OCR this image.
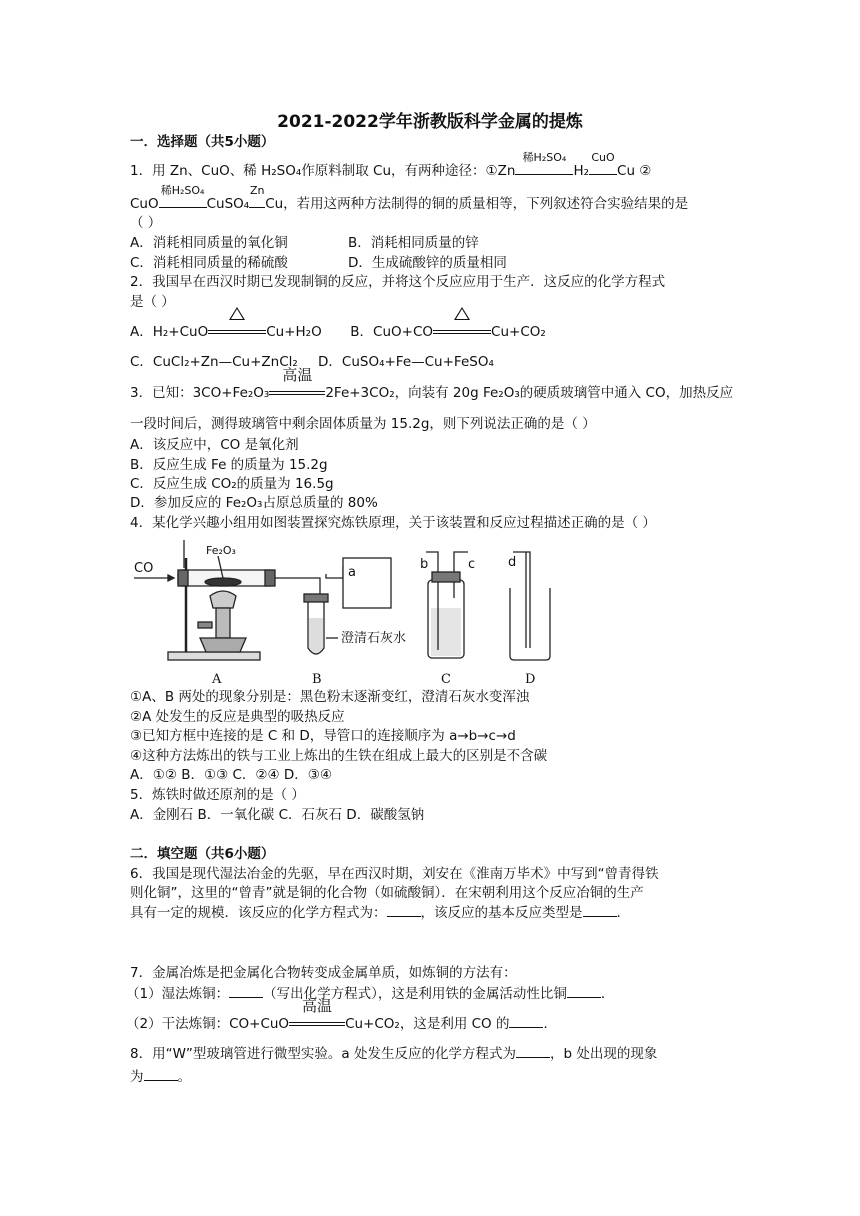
2021-2022学年浙教版科学金属的提炼
一．选择题（共5小题）
1．用 Zn、CuO、稀 H₂SO₄作原料制取 Cu，有两种途径：①Zn
稀H₂SO₄
H₂
CuO
Cu ②
CuO
稀H₂SO₄
CuSO₄
Zn
Cu，若用这两种方法制得的铜的质量相等，下列叙述符合实验结果的是
（ ）
A．消耗相同质量的氧化铜	B．消耗相同质量的锌
C．消耗相同质量的稀硫酸	D．生成硫酸锌的质量相同
2．我国早在西汉时期已发现制铜的反应，并将这个反应应用于生产．这反应的化学方程式
是（ ）
A．H₂+CuO	Cu+H₂O B．CuO+CO	Cu+CO₂
C．CuCl₂+Zn—Cu+ZnCl₂ D．CuSO₄+Fe—Cu+FeSO₄
3．已知：3CO+Fe₂O₃
高温
2Fe+3CO₂，向装有 20g Fe₂O₃的硬质玻璃管中通入 CO，加热反应
一段时间后，测得玻璃管中剩余固体质量为 15.2g，则下列说法正确的是（ ）
A．该反应中，CO 是氧化剂
B．反应生成 Fe 的质量为 15.2g
C．反应生成 CO₂的质量为 16.5g
D．参加反应的 Fe₂O₃占原总质量的 80%
4．某化学兴趣小组用如图装置探究炼铁原理，关于该装置和反应过程描述正确的是（ ）
CO
Fe₂O₃
a
b	c	d
澄清石灰水
A	B	C	D
①A、B 两处的现象分别是：黑色粉末逐渐变红，澄清石灰水变浑浊
②A 处发生的反应是典型的吸热反应
③已知方框中连接的是 C 和 D，导管口的连接顺序为 a→b→c→d
④这种方法炼出的铁与工业上炼出的生铁在组成上最大的区别是不含碳
A．①② B．①③ C．②④ D．③④
5．炼铁时做还原剂的是（ ）
A．金刚石 B．一氧化碳 C．石灰石 D．碳酸氢钠
二．填空题（共6小题）
6．我国是现代湿法冶金的先驱，早在西汉时期，刘安在《淮南万毕术》中写到“曾青得铁
则化铜”，这里的“曾青”就是铜的化合物（如硫酸铜）．在宋朝利用这个反应冶铜的生产
具有一定的规模．该反应的化学方程式为：	，该反应的基本反应类型是	．
7．金属冶炼是把金属化合物转变成金属单质，如炼铜的方法有：
（1）湿法炼铜：	（写出化学方程式），这是利用铁的金属活动性比铜	．
（2）干法炼铜：CO+CuO
高温
Cu+CO₂，这是利用 CO 的	．
8．用“W”型玻璃管进行微型实验。a 处发生反应的化学方程式为	，b 处出现的现象
为	。
